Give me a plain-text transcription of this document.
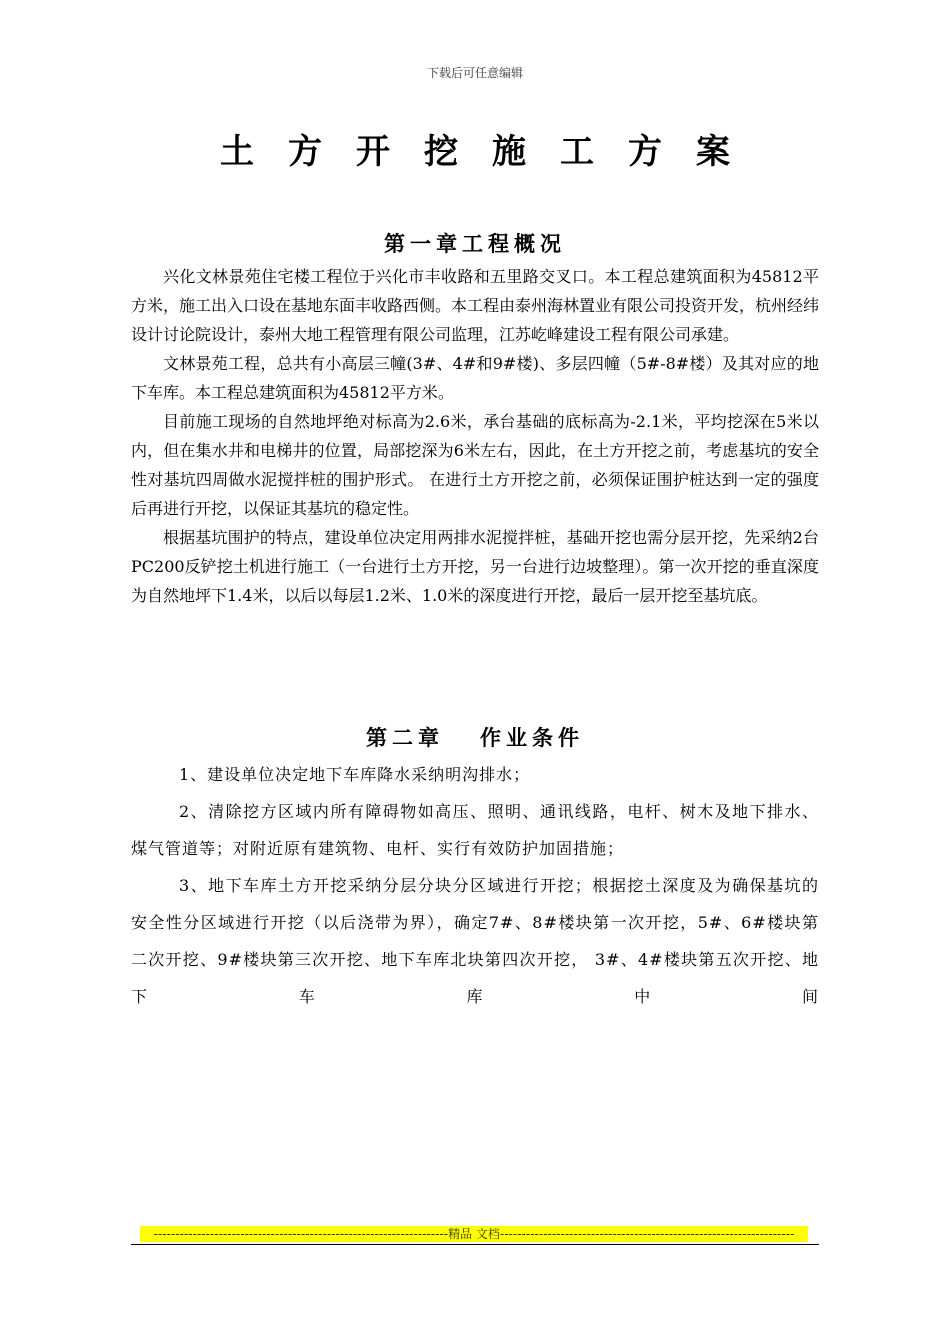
下载后可任意编辑
土方开挖施工方案
第一章工程概况

兴化文林景苑住宅楼工程位于兴化市丰收路和五里路交叉口。本工程总建筑面积为45812平方米，施工出入口设在基地东面丰收路西侧。本工程由泰州海林置业有限公司投资开发，杭州经纬设计讨论院设计，泰州大地工程管理有限公司监理，江苏屹峰建设工程有限公司承建。

文林景苑工程，总共有小高层三幢(3#、4#和9#楼)、多层四幢（5#-8#楼）及其对应的地下车库。本工程总建筑面积为45812平方米。

目前施工现场的自然地坪绝对标高为2.6米，承台基础的底标高为-2.1米，平均挖深在5米以内，但在集水井和电梯井的位置，局部挖深为6米左右，因此，在土方开挖之前，考虑基坑的安全性对基坑四周做水泥搅拌桩的围护形式。 在进行土方开挖之前，必须保证围护桩达到一定的强度后再进行开挖，以保证其基坑的稳定性。

根据基坑围护的特点，建设单位决定用两排水泥搅拌桩，基础开挖也需分层开挖，先采纳2台PC200反铲挖土机进行施工（一台进行土方开挖，另一台进行边坡整理）。第一次开挖的垂直深度为自然地坪下1.4米，以后以每层1.2米、1.0米的深度进行开挖，最后一层开挖至基坑底。

第二章 作业条件

1、建设单位决定地下车库降水采纳明沟排水；

2、清除挖方区域内所有障碍物如高压、照明、通讯线路，电杆、树木及地下排水、煤气管道等；对附近原有建筑物、电杆、实行有效防护加固措施；

3、地下车库土方开挖采纳分层分块分区域进行开挖；根据挖土深度及为确保基坑的安全性分区域进行开挖（以后浇带为界），确定7#、8#楼块第一次开挖，5#、6#楼块第二次开挖、9#楼块第三次开挖、地下车库北块第四次开挖， 3#、4#楼块第五次开挖、地下车库中间

--------------------------------------------------------------------精品 文档--------------------------------------------------------------------
